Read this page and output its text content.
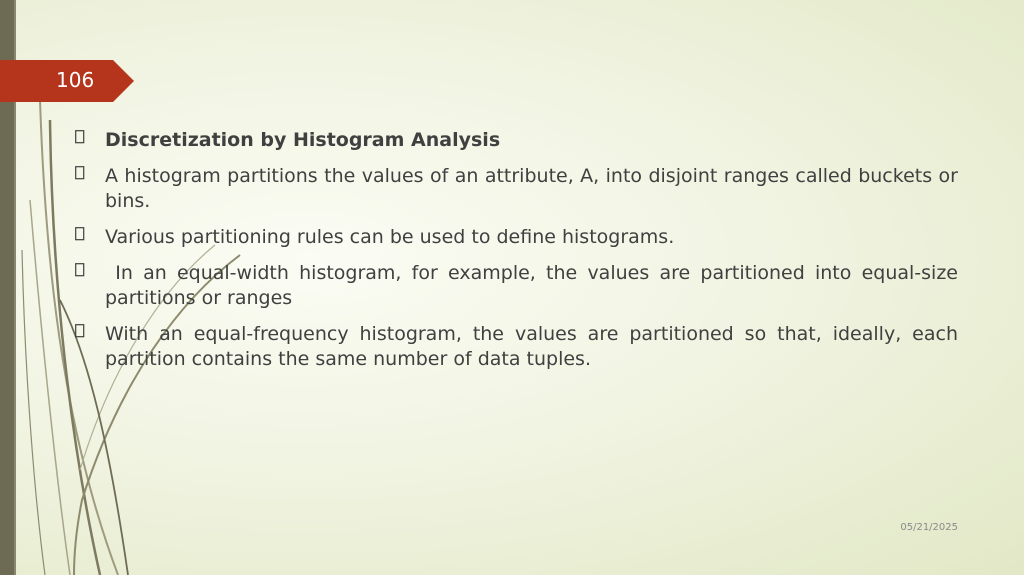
106
Discretization by Histogram Analysis
A histogram partitions the values of an attribute, A, into disjoint ranges called buckets or bins.
Various partitioning rules can be used to define histograms.
In an equal-width histogram, for example, the values are partitioned into equal-size partitions or ranges
With an equal-frequency histogram, the values are partitioned so that, ideally, each partition contains the same number of data tuples.
05/21/2025
